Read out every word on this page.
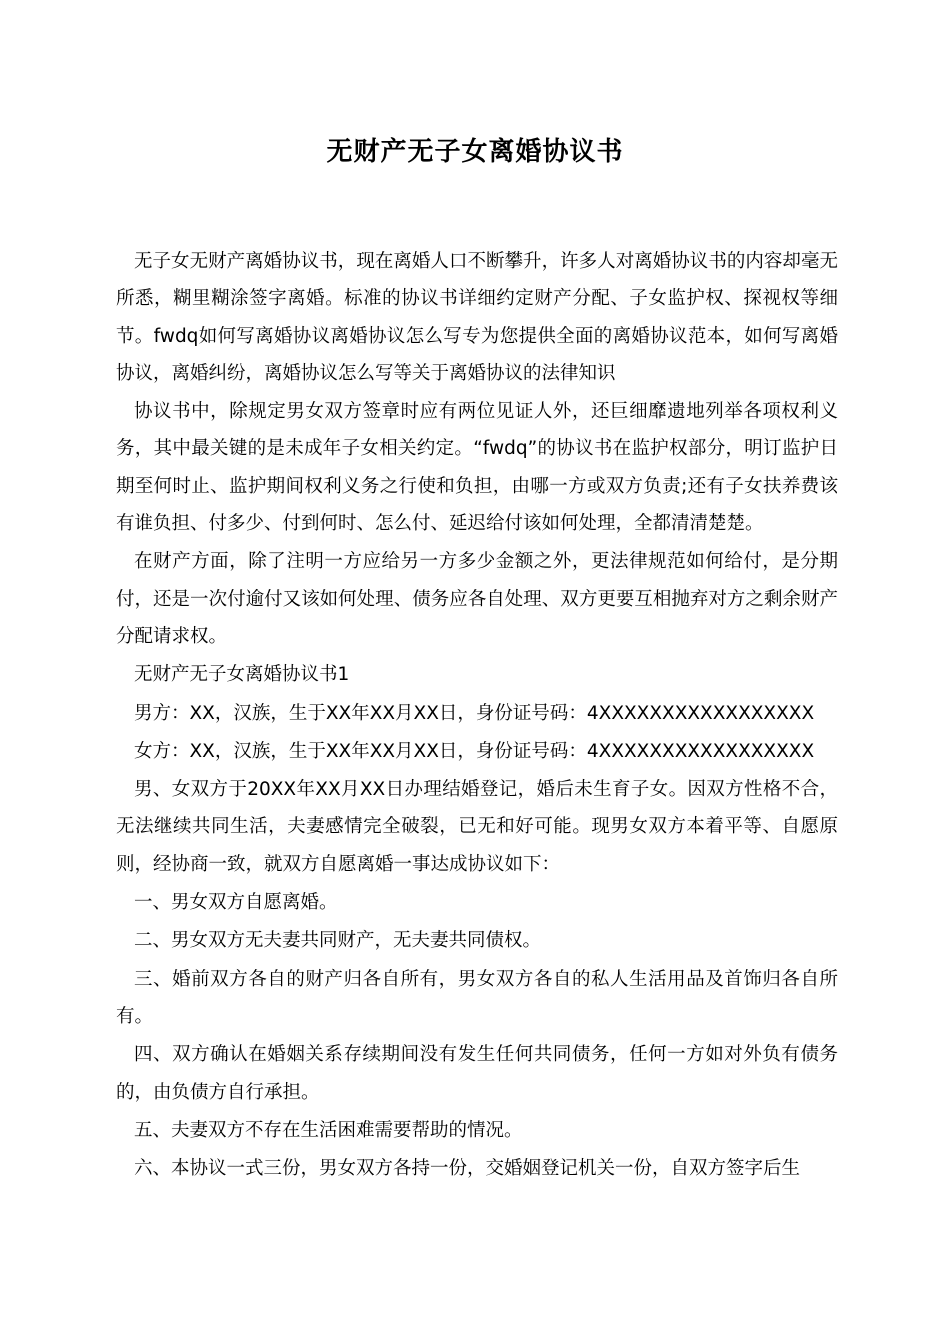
无财产无子女离婚协议书

无子女无财产离婚协议书，现在离婚人口不断攀升，许多人对离婚协议书的内容却毫无所悉，糊里糊涂签字离婚。标准的协议书详细约定财产分配、子女监护权、探视权等细节。fwdq如何写离婚协议离婚协议怎么写专为您提供全面的离婚协议范本，如何写离婚协议，离婚纠纷，离婚协议怎么写等关于离婚协议的法律知识

协议书中，除规定男女双方签章时应有两位见证人外，还巨细靡遗地列举各项权利义务，其中最关键的是未成年子女相关约定。“fwdq”的协议书在监护权部分，明订监护日期至何时止、监护期间权利义务之行使和负担，由哪一方或双方负责;还有子女扶养费该有谁负担、付多少、付到何时、怎么付、延迟给付该如何处理，全都清清楚楚。

在财产方面，除了注明一方应给另一方多少金额之外，更法律规范如何给付，是分期付，还是一次付逾付又该如何处理、债务应各自处理、双方更要互相抛弃对方之剩余财产分配请求权。

无财产无子女离婚协议书1

男方：XX，汉族，生于XX年XX月XX日，身份证号码：4XXXXXXXXXXXXXXXXX

女方：XX，汉族，生于XX年XX月XX日，身份证号码：4XXXXXXXXXXXXXXXXX

男、女双方于20XX年XX月XX日办理结婚登记，婚后未生育子女。因双方性格不合，无法继续共同生活，夫妻感情完全破裂，已无和好可能。现男女双方本着平等、自愿原则，经协商一致，就双方自愿离婚一事达成协议如下：

一、男女双方自愿离婚。

二、男女双方无夫妻共同财产，无夫妻共同债权。

三、婚前双方各自的财产归各自所有，男女双方各自的私人生活用品及首饰归各自所有。

四、双方确认在婚姻关系存续期间没有发生任何共同债务，任何一方如对外负有债务的，由负债方自行承担。

五、夫妻双方不存在生活困难需要帮助的情况。

六、本协议一式三份，男女双方各持一份，交婚姻登记机关一份，自双方签字后生
